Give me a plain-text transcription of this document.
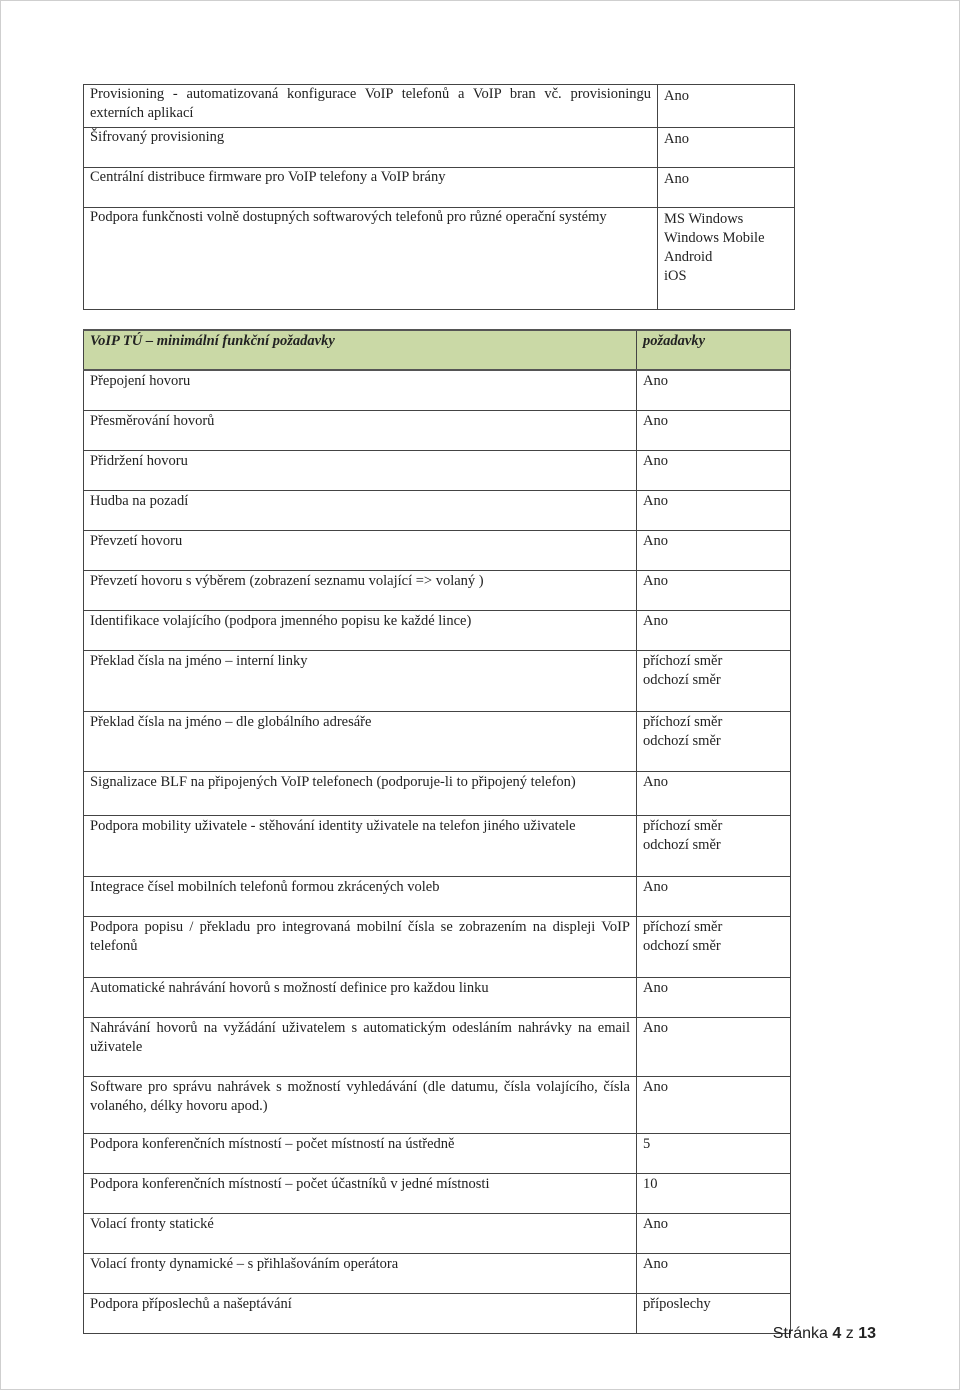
Provisioning - automatizovaná konfigurace VoIP telefonů a VoIP bran vč. provisioningu externích aplikací	Ano
Šifrovaný provisioning	Ano
Centrální distribuce firmware pro VoIP telefony a VoIP brány	Ano
Podpora funkčnosti volně dostupných softwarových telefonů pro různé operační systémy	MS Windows
Windows Mobile
Android
iOS
VoIP TÚ – minimální funkční požadavky	požadavky
Přepojení hovoru	Ano
Přesměrování hovorů	Ano
Přidržení hovoru	Ano
Hudba na pozadí	Ano
Převzetí hovoru	Ano
Převzetí hovoru s výběrem (zobrazení seznamu volající => volaný )	Ano
Identifikace volajícího (podpora jmenného popisu ke každé lince)	Ano
Překlad čísla na jméno – interní linky	příchozí směr
odchozí směr
Překlad čísla na jméno – dle globálního adresáře	příchozí směr
odchozí směr
Signalizace BLF na připojených VoIP telefonech (podporuje-li to připojený telefon)	Ano
Podpora mobility uživatele - stěhování identity uživatele na telefon jiného uživatele	příchozí směr
odchozí směr
Integrace čísel mobilních telefonů formou zkrácených voleb	Ano
Podpora popisu / překladu pro integrovaná mobilní čísla se zobrazením na displeji VoIP telefonů	příchozí směr
odchozí směr
Automatické nahrávání hovorů s možností definice pro každou linku	Ano
Nahrávání hovorů na vyžádání uživatelem s automatickým odesláním nahrávky na email uživatele	Ano
Software pro správu nahrávek s možností vyhledávání (dle datumu, čísla volajícího, čísla volaného, délky hovoru apod.)	Ano
Podpora konferenčních místností – počet místností na ústředně	5
Podpora konferenčních místností – počet účastníků v jedné místnosti	10
Volací fronty statické	Ano
Volací fronty dynamické – s přihlašováním operátora	Ano
Podpora příposlechů a našeptávání	příposlechy
Stránka 4 z 13
